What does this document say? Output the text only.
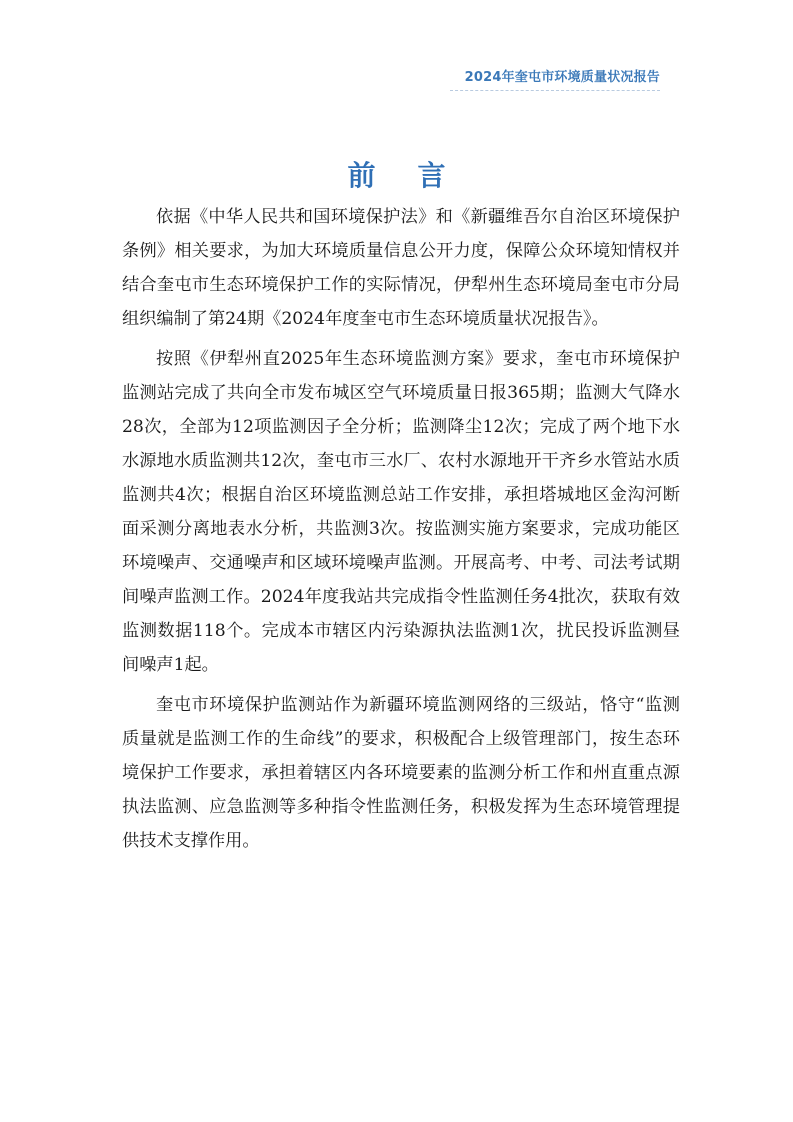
2024年奎屯市环境质量状况报告
前言

依据《中华人民共和国环境保护法》和《新疆维吾尔自治区环境保护条例》相关要求，为加大环境质量信息公开力度，保障公众环境知情权并结合奎屯市生态环境保护工作的实际情况，伊犁州生态环境局奎屯市分局组织编制了第24期《2024年度奎屯市生态环境质量状况报告》。

按照《伊犁州直2025年生态环境监测方案》要求，奎屯市环境保护监测站完成了共向全市发布城区空气环境质量日报365期；监测大气降水28次，全部为12项监测因子全分析；监测降尘12次；完成了两个地下水水源地水质监测共12次，奎屯市三水厂、农村水源地开干齐乡水管站水质监测共4次；根据自治区环境监测总站工作安排，承担塔城地区金沟河断面采测分离地表水分析，共监测3次。按监测实施方案要求，完成功能区环境噪声、交通噪声和区域环境噪声监测。开展高考、中考、司法考试期间噪声监测工作。2024年度我站共完成指令性监测任务4批次，获取有效监测数据118个。完成本市辖区内污染源执法监测1次，扰民投诉监测昼间噪声1起。

奎屯市环境保护监测站作为新疆环境监测网络的三级站，恪守“监测质量就是监测工作的生命线”的要求，积极配合上级管理部门，按生态环境保护工作要求，承担着辖区内各环境要素的监测分析工作和州直重点源执法监测、应急监测等多种指令性监测任务，积极发挥为生态环境管理提供技术支撑作用。
